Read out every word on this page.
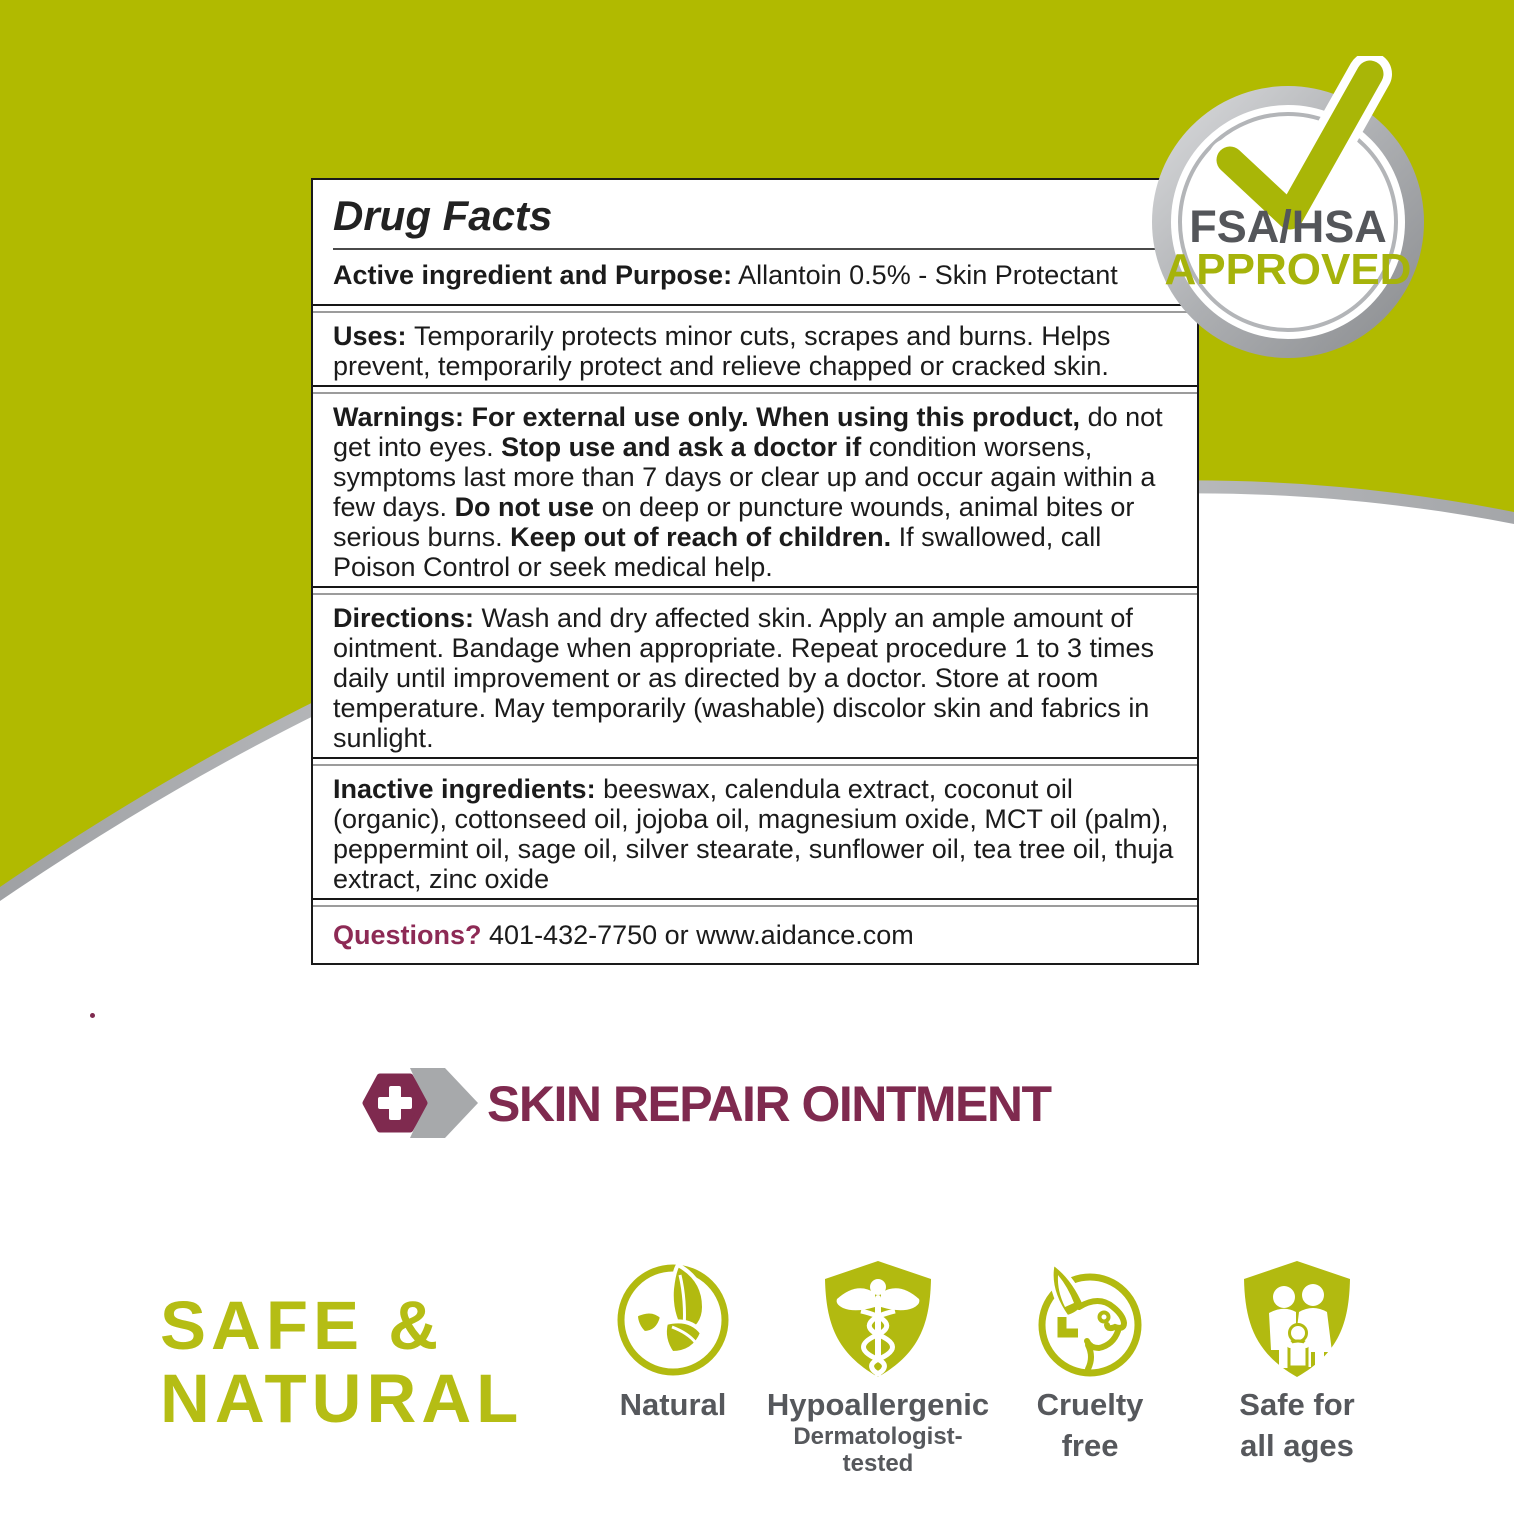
Drug Facts
Active ingredient and Purpose: Allantoin 0.5% - Skin Protectant
Uses: Temporarily protects minor cuts, scrapes and burns. Helps prevent, temporarily protect and relieve chapped or cracked skin.
Warnings: For external use only. When using this product, do not get into eyes. Stop use and ask a doctor if condition worsens, symptoms last more than 7 days or clear up and occur again within a few days. Do not use on deep or puncture wounds, animal bites or serious burns. Keep out of reach of children. If swallowed, call Poison Control or seek medical help.
Directions: Wash and dry affected skin. Apply an ample amount of ointment. Bandage when appropriate. Repeat procedure 1 to 3 times daily until improvement or as directed by a doctor. Store at room temperature. May temporarily (washable) discolor skin and fabrics in sunlight.
Inactive ingredients: beeswax, calendula extract, coconut oil (organic), cottonseed oil, jojoba oil, magnesium oxide, MCT oil (palm), peppermint oil, sage oil, silver stearate, sunflower oil, tea tree oil, thuja extract, zinc oxide
Questions? 401-432-7750 or www.aidance.com
FSA/HSA
APPROVED
SKIN REPAIR OINTMENT
SAFE &
NATURAL	Natural	Hypoallergenic
Dermatologist-tested
Cruelty
free
Safe for
all ages
